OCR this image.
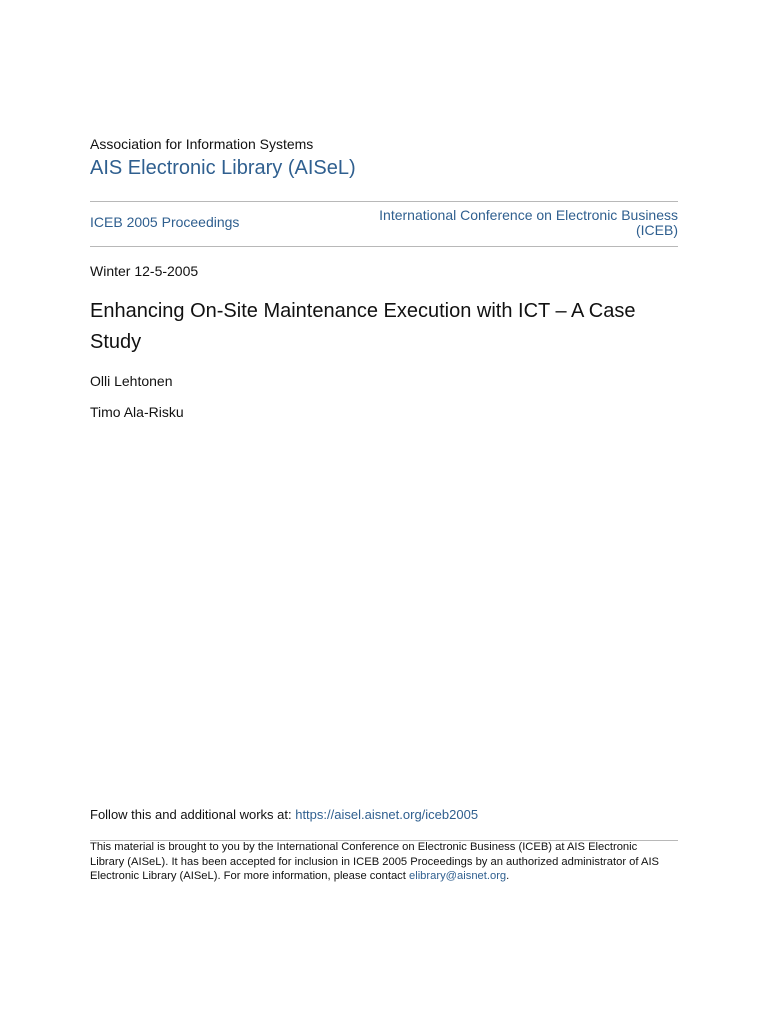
Association for Information Systems
AIS Electronic Library (AISeL)
ICEB 2005 Proceedings	International Conference on Electronic Business
(ICEB)
Winter 12-5-2005
Enhancing On-Site Maintenance Execution with ICT – A Case Study
Olli Lehtonen
Timo Ala-Risku
Follow this and additional works at: https://aisel.aisnet.org/iceb2005
This material is brought to you by the International Conference on Electronic Business (ICEB) at AIS Electronic
Library (AISeL). It has been accepted for inclusion in ICEB 2005 Proceedings by an authorized administrator of AIS
Electronic Library (AISeL). For more information, please contact elibrary@aisnet.org.
